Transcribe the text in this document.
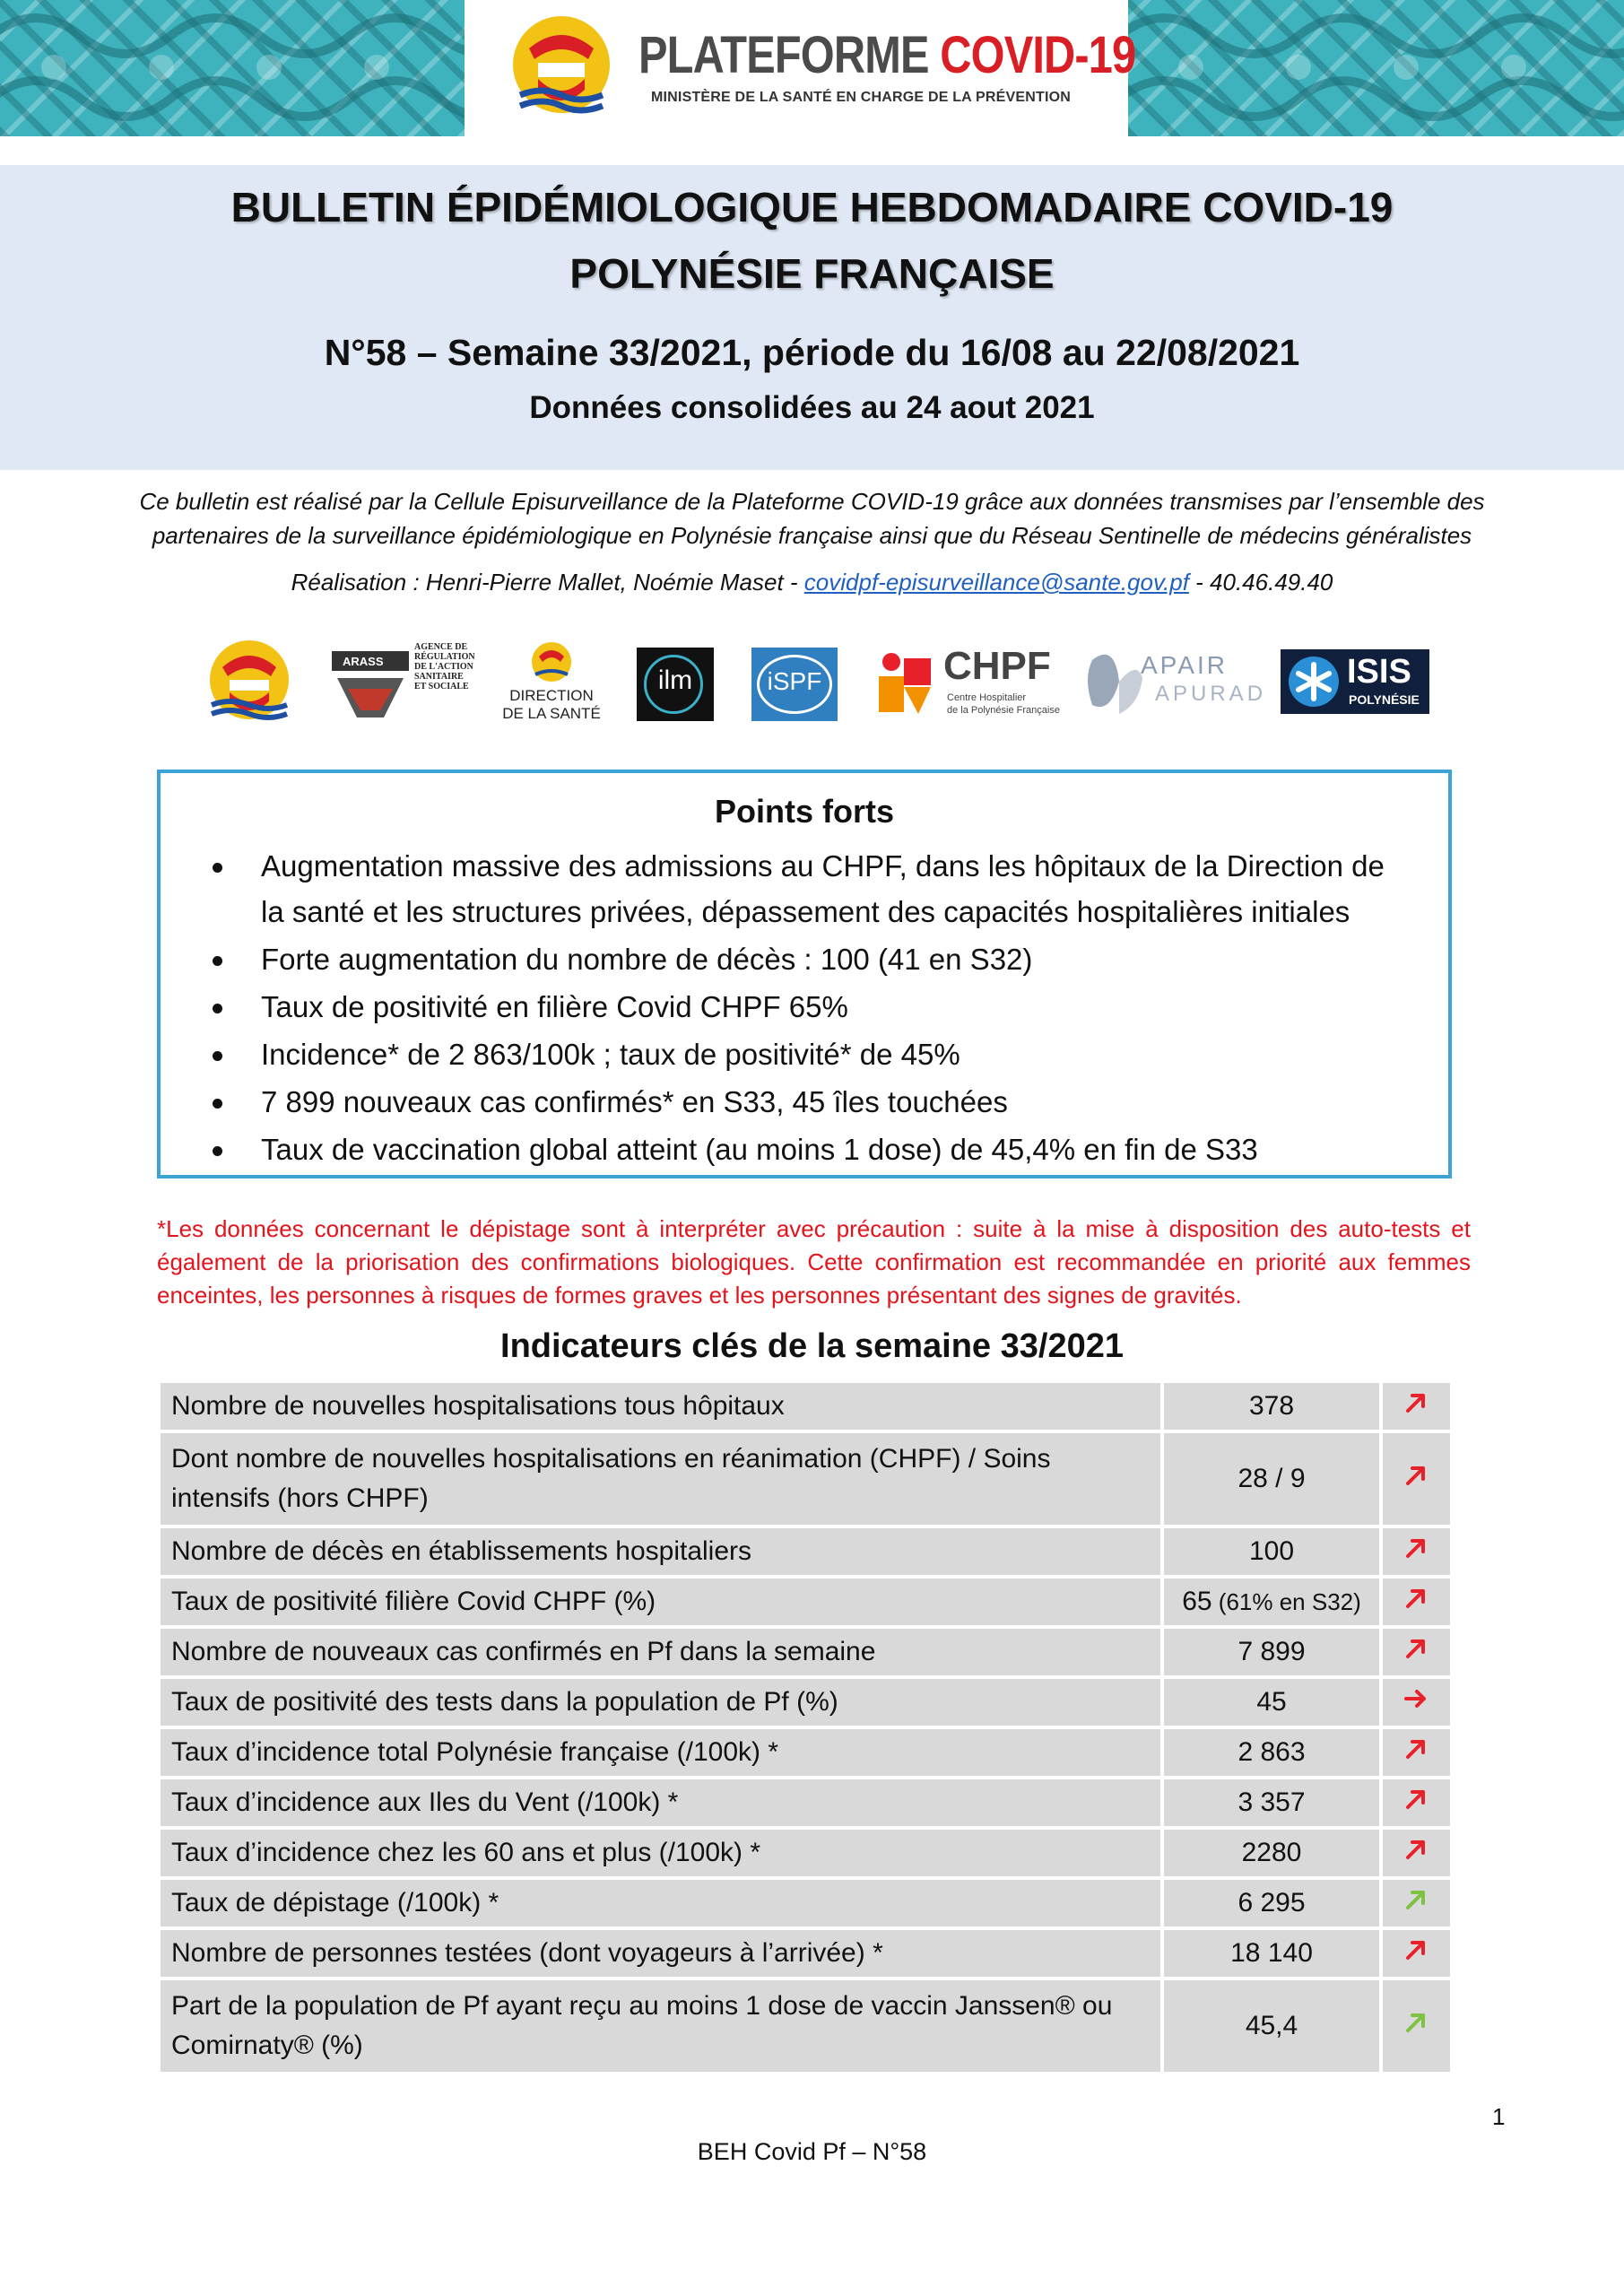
PLATEFORME COVID-19
MINISTÈRE DE LA SANTÉ EN CHARGE DE LA PRÉVENTION
BULLETIN ÉPIDÉMIOLOGIQUE HEBDOMADAIRE COVID-19
POLYNÉSIE FRANÇAISE
N°58 – Semaine 33/2021, période du 16/08 au 22/08/2021
Données consolidées au 24 aout 2021
Ce bulletin est réalisé par la Cellule Episurveillance de la Plateforme COVID-19 grâce aux données transmises par l’ensemble des partenaires de la surveillance épidémiologique en Polynésie française ainsi que du Réseau Sentinelle de médecins généralistes
Réalisation : Henri-Pierre Mallet, Noémie Maset - covidpf-episurveillance@sante.gov.pf - 40.46.49.40
ARASS
AGENCE DE
RÉGULATION
DE L'ACTION
SANITAIRE
ET SOCIALE
DIRECTION
DE LA SANTÉ
ilm	iSPF	CHPF
Centre Hospitalier
de la Polynésie Française
APAIR
APURAD
ISIS
POLYNÉSIE
Points forts
Augmentation massive des admissions au CHPF, dans les hôpitaux de la Direction de la santé et les structures privées, dépassement des capacités hospitalières initiales
Forte augmentation du nombre de décès : 100 (41 en S32)
Taux de positivité en filière Covid CHPF 65%
Incidence* de 2 863/100k ; taux de positivité* de 45%
7 899 nouveaux cas confirmés* en S33, 45 îles touchées
Taux de vaccination global atteint (au moins 1 dose) de 45,4% en fin de S33
*Les données concernant le dépistage sont à interpréter avec précaution : suite à la mise à disposition des auto-tests et également de la priorisation des confirmations biologiques. Cette confirmation est recommandée en priorité aux femmes enceintes, les personnes à risques de formes graves et les personnes présentant des signes de gravités.
Indicateurs clés de la semaine 33/2021
Nombre de nouvelles hospitalisations tous hôpitaux	378	
Dont nombre de nouvelles hospitalisations en réanimation (CHPF) / Soins intensifs (hors CHPF)	28 / 9	
Nombre de décès en établissements hospitaliers	100	
Taux de positivité filière Covid CHPF (%)	65 (61% en S32)	
Nombre de nouveaux cas confirmés en Pf dans la semaine	7 899	
Taux de positivité des tests dans la population de Pf (%)	45	
Taux d’incidence total Polynésie française (/100k) *	2 863	
Taux d’incidence aux Iles du Vent (/100k) *	3 357	
Taux d’incidence chez les 60 ans et plus (/100k) *	2280	
Taux de dépistage (/100k) *	6 295	
Nombre de personnes testées (dont voyageurs à l’arrivée) *	18 140	
Part de la population de Pf ayant reçu au moins 1 dose de vaccin Janssen® ou Comirnaty® (%)	45,4	
1
BEH Covid Pf – N°58
